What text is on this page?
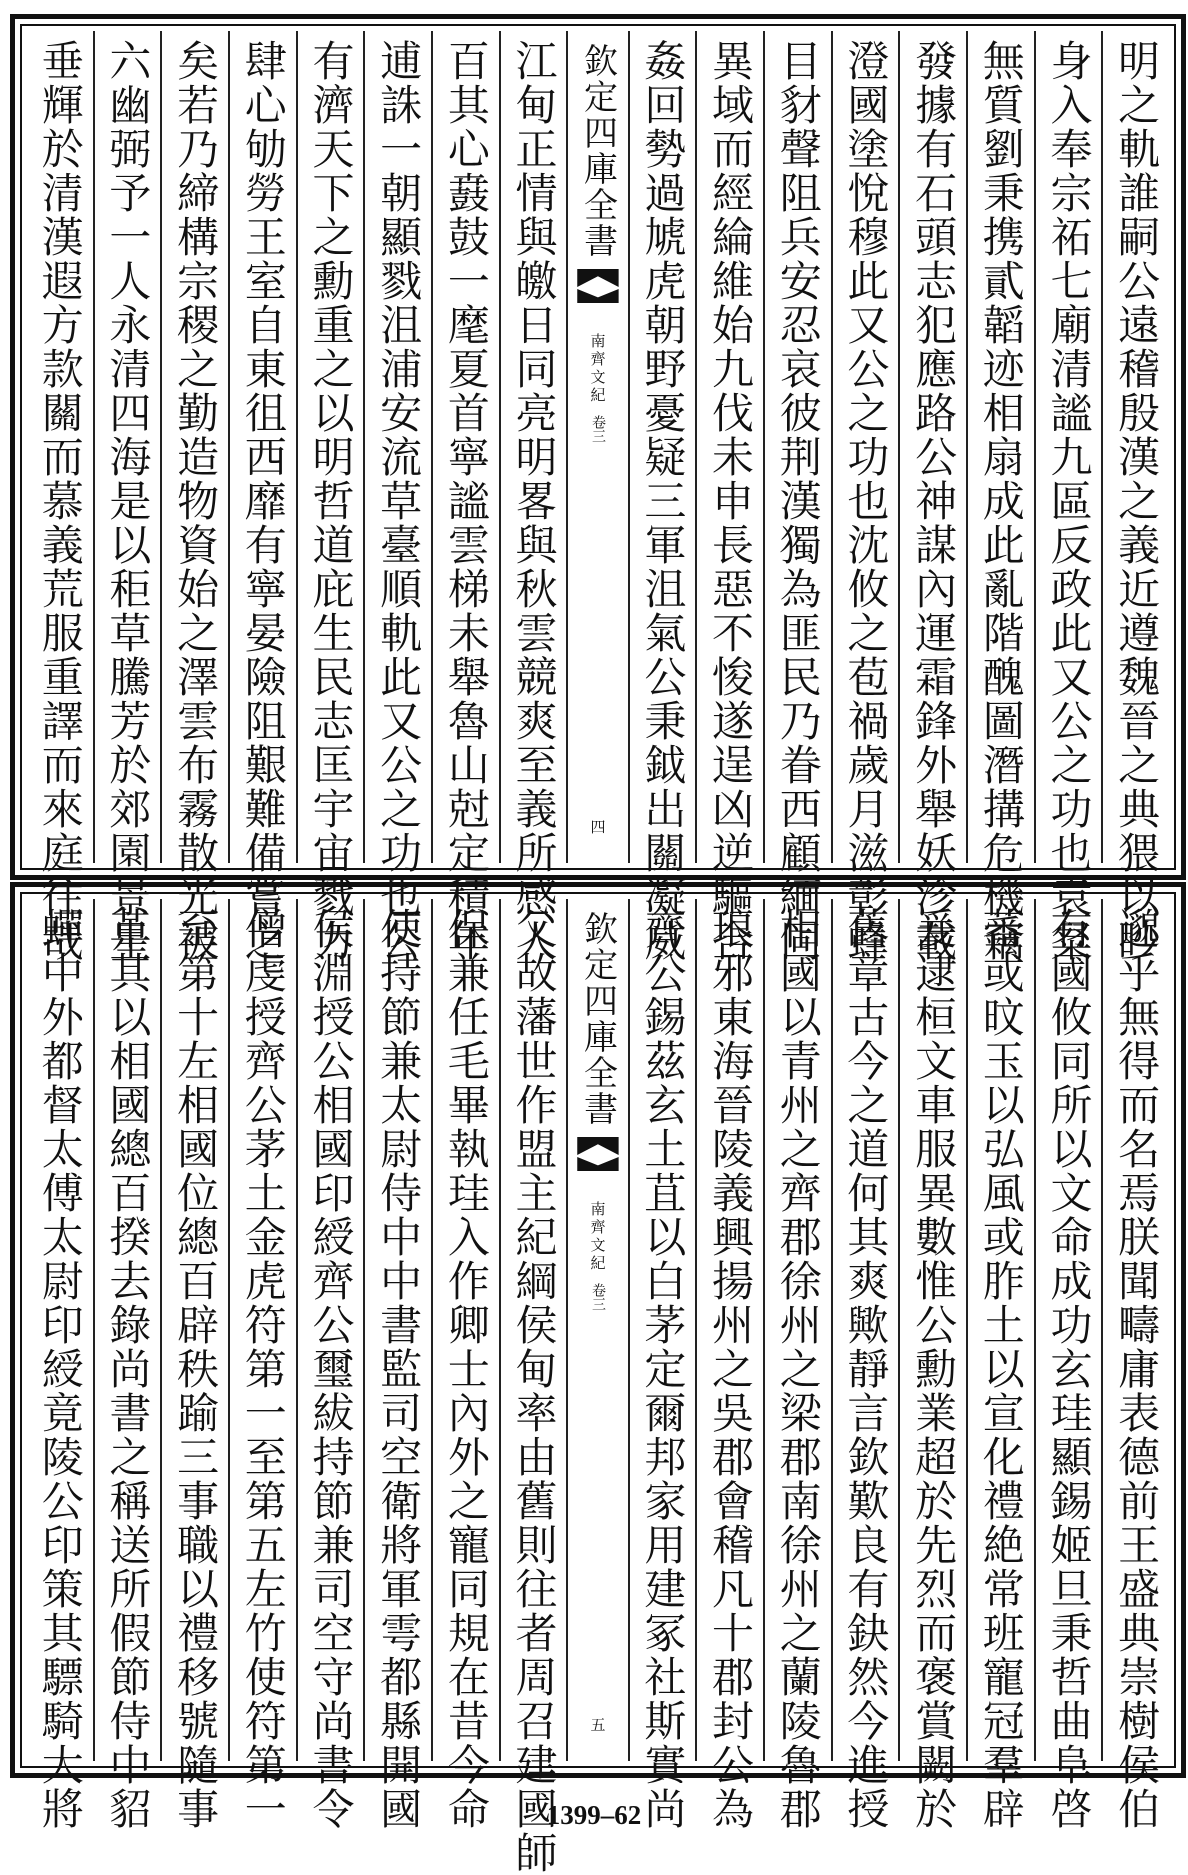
明之軌誰嗣公遠稽殷漢之義近遵魏晉之典猥以眇
身入奉宗祏七廟清謐九區反政此又公之功也袁粲
無質劉秉携貳韜迹相扇成此亂階醜圖潛搆危機竊
發據有石頭志犯應路公神謀內運霜鋒外舉妖沴載
澄國塗悅穆此又公之功也沈攸之苞禍歲月滋彰蜂
目豺聲阻兵安忍哀彼荆漢獨為匪民乃眷西顧緬同
異域而經綸維始九伐未申長惡不悛遂逞凶逆驅合
姦回勢過虓虎朝野憂疑三軍沮氣公秉鉞出關凝威
欽定四庫全書
南齊文紀
卷三
四
江甸正情與皦日同亮明畧與秋雲競爽至義所感人
百其心鼖鼓一麾夏首寧謐雲梯未舉魯山尅定積年
逋誅一朝顯戮沮浦安流草臺順軌此又公之功也公
有濟天下之勳重之以明哲道庇生民志匡宇宙戮力
肆心劬勞王室自東徂西靡有寧晏險阻艱難備嘗之
矣若乃締構宗稷之勤造物資始之澤雲布霧散光被
六幽弼予一人永清四海是以秬草騰芳於郊園景星
垂輝於清漢遐方款關而慕義荒服重譯而來庭往哉
邈乎無得而名焉朕聞疇庸表德前王盛典崇樹侯伯
有國攸同所以文命成功玄珪顯錫姬旦秉哲曲阜啓
蕃或旼玉以弘風或胙土以宣化禮絶常班寵冠羣辟
爰逮桓文車服異數惟公勳業超於先烈而褒賞闕於
舊章古今之道何其爽歟靜言欽歎良有鈌然今進授
相國以青州之齊郡徐州之梁郡南徐州之蘭陵魯郡
琅邪東海晉陵義興揚州之吳郡會稽凡十郡封公為
齊公錫茲玄土苴以白茅定爾邦家用建冢社斯實尚
欽定四庫全書
南齊文紀
卷三
五
父故藩世作盟主紀綱侯甸率由舊則往者周召建國師
保兼任毛畢執珪入作卿士內外之寵同規在昔今命
使持節兼太尉侍中中書監司空衛將軍雩都縣開國
侯淵授公相國印綬齊公璽紱持節兼司空守尚書令
僧虔授齊公茅土金虎符第一至第五左竹使符第一
至第十左相國位總百辟秩踰三事職以禮移號隨事
革其以相國總百揆去錄尚書之稱送所假節侍中貂
蟬中外都督太傅太尉印綬竟陵公印策其驃騎大將	1399–62
